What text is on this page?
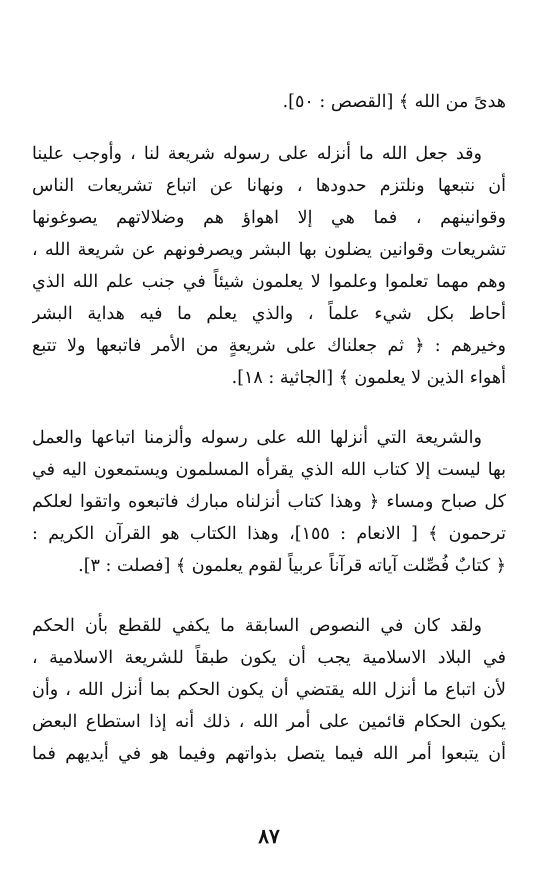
هدىً من الله ﴾ [القصص : ٥٠].
وقد جعل الله ما أنزله على رسوله شريعة لنا ، وأوجب علينا
أن نتبعها ونلتزم حدودها ، ونهانا عن اتباع تشريعات الناس
وقوانينهم ، فما هي إلا اهواؤ هم وضلالاتهم يصوغونها
تشريعات وقوانين يضلون بها البشر ويصرفونهم عن شريعة الله ،
وهم مهما تعلموا وعلموا لا يعلمون شيئاً في جنب علم الله الذي
أحاط بكل شيء علماً ، والذي يعلم ما فيه هداية البشر
وخيرهم : ﴿ ثم جعلناك على شريعةٍ من الأمر فاتبعها ولا تتبع
أهواء الذين لا يعلمون ﴾ [الجاثية : ١٨].
والشريعة التي أنزلها الله على رسوله وألزمنا اتباعها والعمل
بها ليست إلا كتاب الله الذي يقرأه المسلمون ويستمعون اليه في
كل صباح ومساء ﴿ وهذا كتاب أنزلناه مبارك فاتبعوه واتقوا لعلكم
ترحمون ﴾ [ الانعام : ١٥٥]، وهذا الكتاب هو القرآن الكريم :
﴿ كتابٌ فُصِّلت آياته قرآناً عربياً لقوم يعلمون ﴾ [فصلت : ٣].
ولقد كان في النصوص السابقة ما يكفي للقطع بأن الحكم
في البلاد الاسلامية يجب أن يكون طبقاً للشريعة الاسلامية ،
لأن اتباع ما أنزل الله يقتضي أن يكون الحكم بما أنزل الله ، وأن
يكون الحكام قائمين على أمر الله ، ذلك أنه إذا استطاع البعض
أن يتبعوا أمر الله فيما يتصل بذواتهم وفيما هو في أيديهم فما
٨٧
